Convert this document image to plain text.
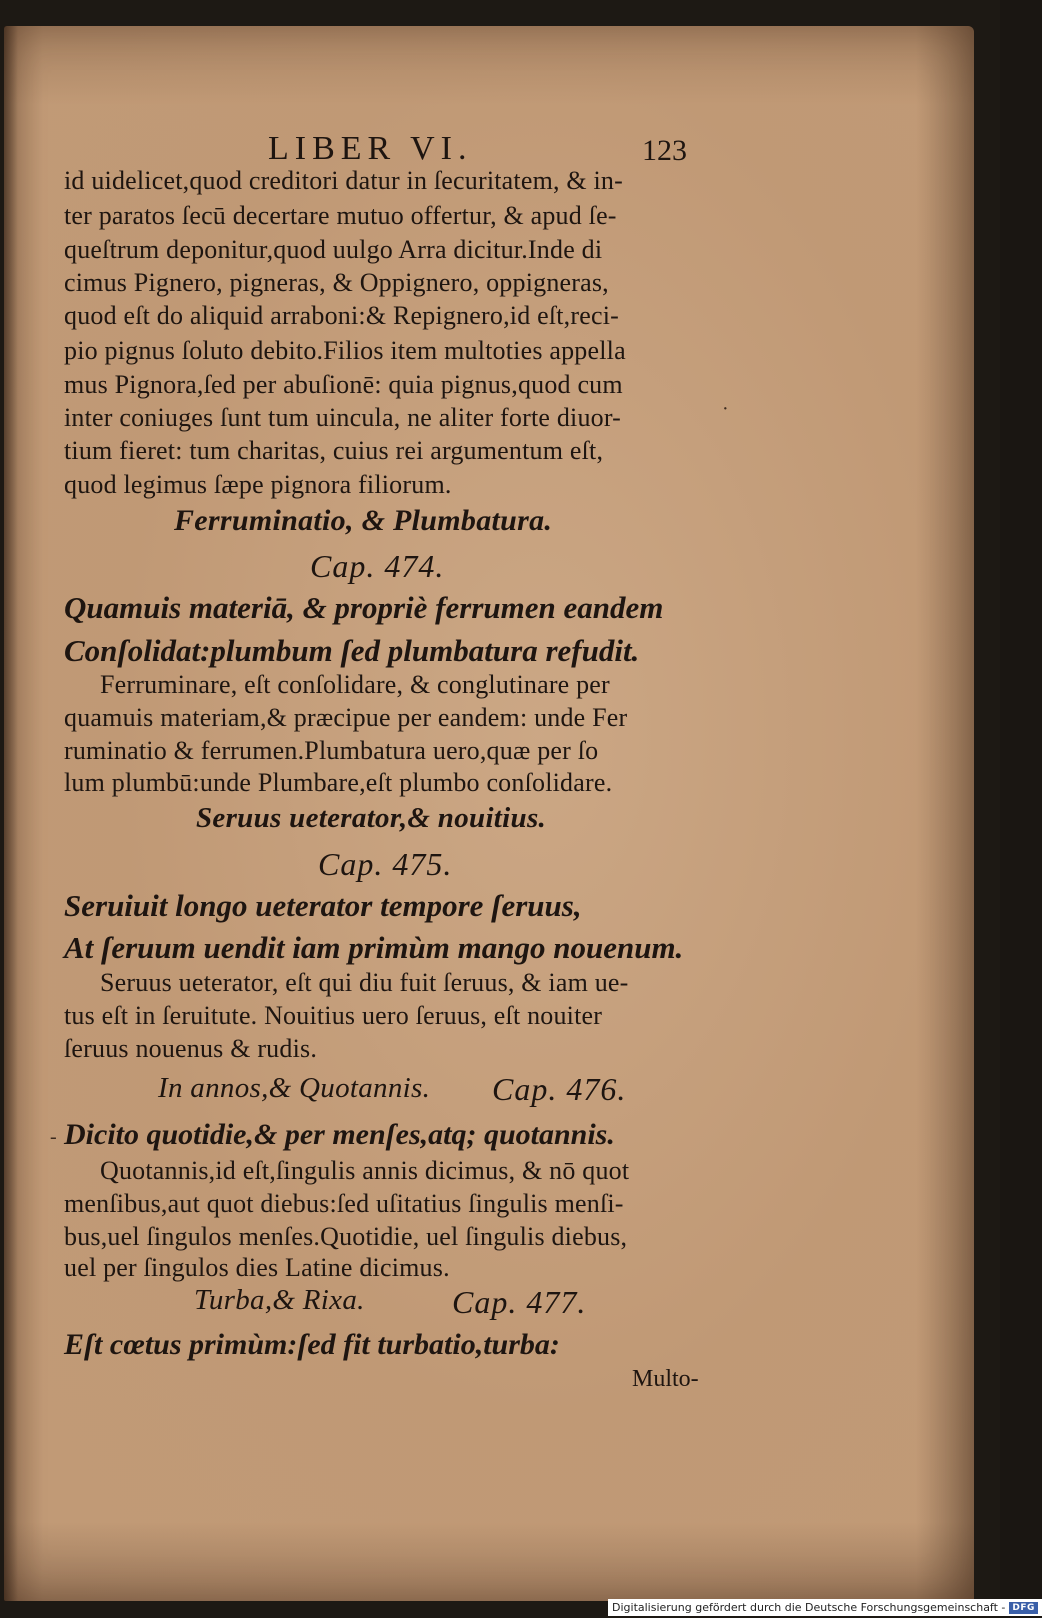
LIBER VI.	123
id uidelicet,quod creditori datur in ſecuritatem, & in-
ter paratos ſecū decertare mutuo offertur, & apud ſe-
queſtrum deponitur,quod uulgo Arra dicitur.Inde di
cimus Pignero, pigneras, & Oppignero, oppigneras,
quod eſt do aliquid arraboni:& Repignero,id eſt,reci-
pio pignus ſoluto debito.Filios item multoties appella
mus Pignora,ſed per abuſionē: quia pignus,quod cum
inter coniuges ſunt tum uincula, ne aliter forte diuor-
tium fieret: tum charitas, cuius rei argumentum eſt,
quod legimus ſæpe pignora filiorum.
Ferruminatio, & Plumbatura.
Cap. 474.
Quamuis materiā, & propriè ferrumen eandem
Conſolidat:plumbum ſed plumbatura refudit.
Ferruminare, eſt conſolidare, & conglutinare per
quamuis materiam,& præcipue per eandem: unde Fer
ruminatio & ferrumen.Plumbatura uero,quæ per ſo
lum plumbū:unde Plumbare,eſt plumbo conſolidare.
Seruus ueterator,& nouitius.
Cap. 475.
Seruiuit longo ueterator tempore ſeruus,
At ſeruum uendit iam primùm mango nouenum.
Seruus ueterator, eſt qui diu fuit ſeruus, & iam ue-
tus eſt in ſeruitute. Nouitius uero ſeruus, eſt nouiter
ſeruus nouenus & rudis.
In annos,& Quotannis. Cap. 476.
Dicito quotidie,& per menſes,atq; quotannis.
Quotannis,id eſt,ſingulis annis dicimus, & nō quot
menſibus,aut quot diebus:ſed uſitatius ſingulis menſi-
bus,uel ſingulos menſes.Quotidie, uel ſingulis diebus,
uel per ſingulos dies Latine dicimus.
Turba,& Rixa.	Cap. 477.
Eſt cœtus primùm:ſed fit turbatio,turba:
Multo-
·
-
Digitalisierung gefördert durch die Deutsche Forschungsgemeinschaft - DFG
